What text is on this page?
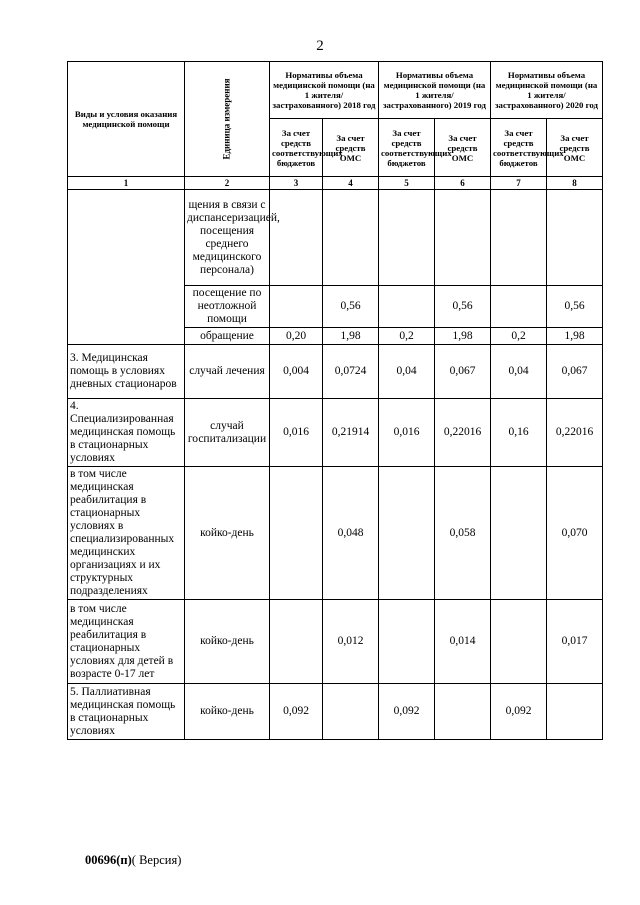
2
Виды и условия оказания медицинской помощи	Единица измерения	Нормативы объема медицинской помощи (на 1 жителя/ застрахованного) 2018 год		Нормативы объема медицинской помощи (на 1 жителя/ застрахованного) 2019 год		Нормативы объема медицинской помощи (на 1 жителя/ застрахованного) 2020 год	
		За счет средств соответствующих бюджетов	За счет средств ОМС	За счет средств соответствующих бюджетов	За счет средств ОМС	За счет средств соответствующих бюджетов	За счет средств ОМС
1	2	3	4	5	6	7	8
	щения в связи с диспансеризацией, посещения среднего медицинского персонала)						
	посещение по неотложной помощи		0,56		0,56		0,56
	обращение	0,20	1,98	0,2	1,98	0,2	1,98
3. Медицинская помощь в условиях дневных стационаров	случай лечения	0,004	0,0724	0,04	0,067	0,04	0,067
4. Специализированная медицинская помощь в стационарных условиях	случай госпитализации	0,016	0,21914	0,016	0,22016	0,16	0,22016
в том числе медицинская реабилитация в стационарных условиях в специализированных медицинских организациях и их структурных подразделениях	койко-день		0,048		0,058		0,070
в том числе медицинская реабилитация в стационарных условиях для детей в возрасте 0-17 лет	койко-день		0,012		0,014		0,017
5. Паллиативная медицинская помощь в стационарных условиях	койко-день	0,092		0,092		0,092	
00696(п)( Версия)
